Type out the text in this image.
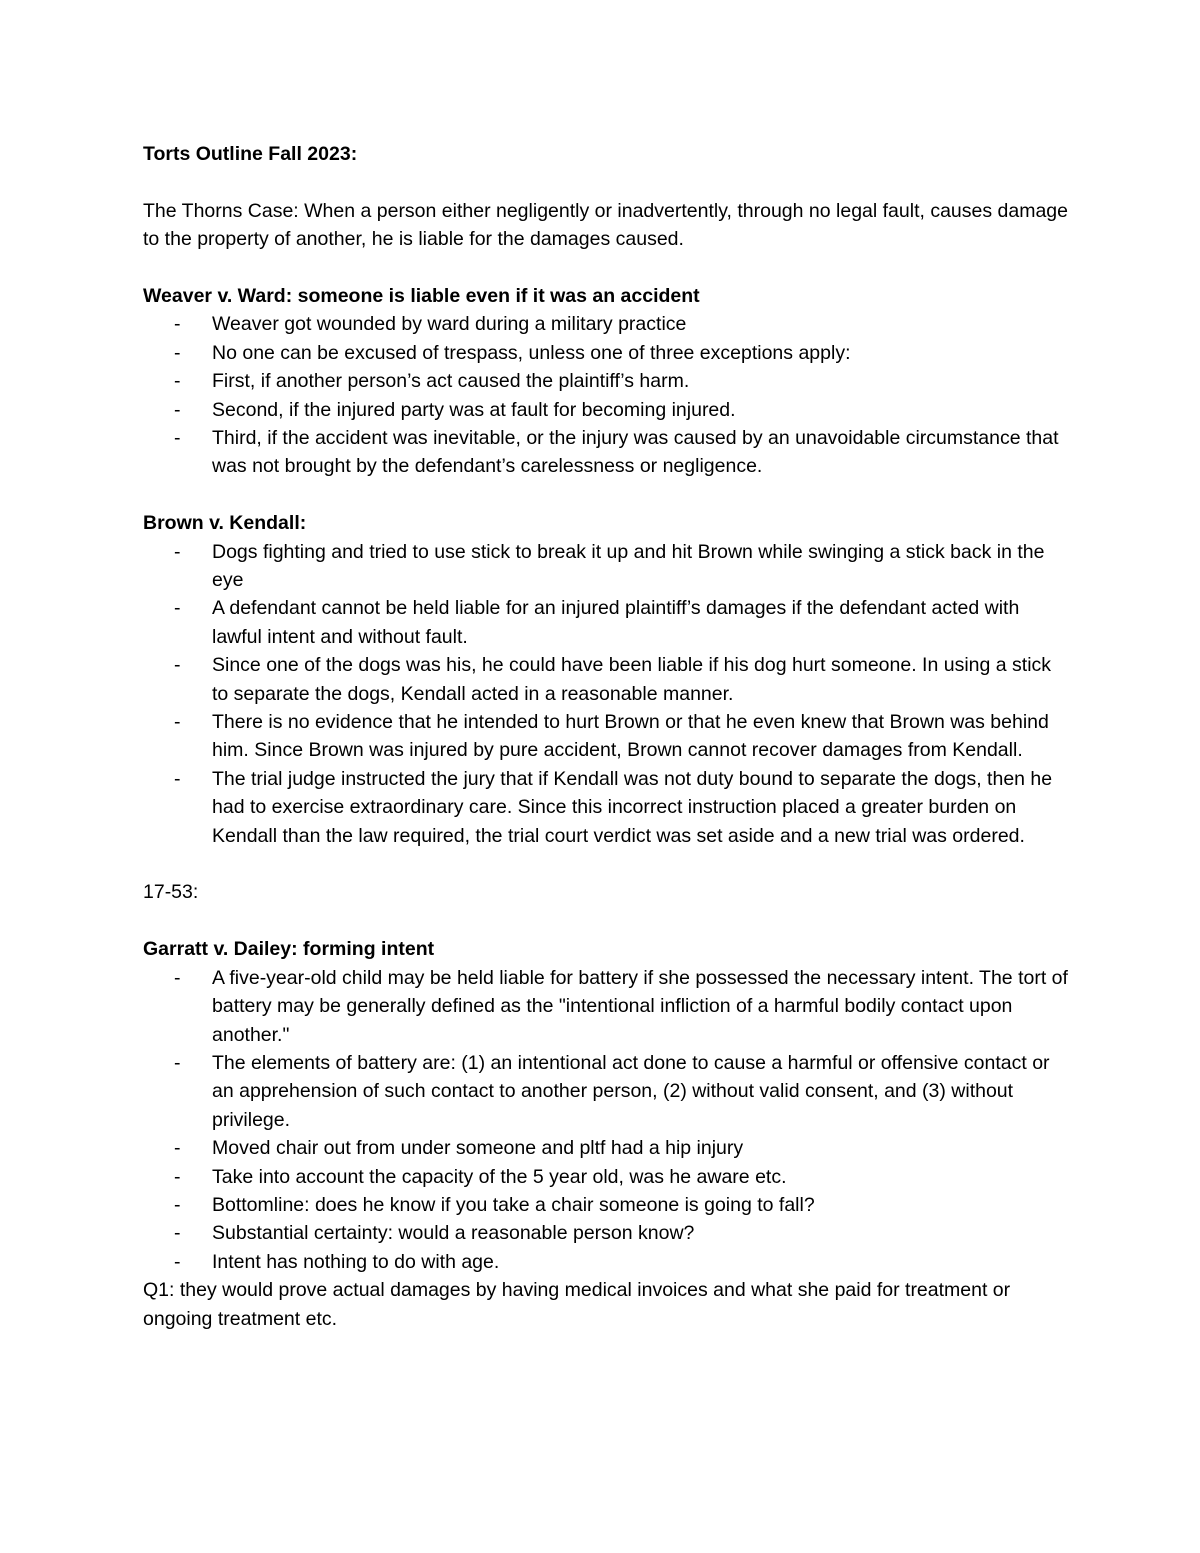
Torts Outline Fall 2023:

The Thorns Case: When a person either negligently or inadvertently, through no legal fault, causes damage to the property of another, he is liable for the damages caused.

Weaver v. Ward: someone is liable even if it was an accident

- Weaver got wounded by ward during a military practice
- No one can be excused of trespass, unless one of three exceptions apply:
- First, if another person’s act caused the plaintiff’s harm.
- Second, if the injured party was at fault for becoming injured.
- Third, if the accident was inevitable, or the injury was caused by an unavoidable circumstance that was not brought by the defendant’s carelessness or negligence.

Brown v. Kendall:

- Dogs fighting and tried to use stick to break it up and hit Brown while swinging a stick back in the eye
- A defendant cannot be held liable for an injured plaintiff’s damages if the defendant acted with lawful intent and without fault.
- Since one of the dogs was his, he could have been liable if his dog hurt someone. In using a stick to separate the dogs, Kendall acted in a reasonable manner.
- There is no evidence that he intended to hurt Brown or that he even knew that Brown was behind him. Since Brown was injured by pure accident, Brown cannot recover damages from Kendall.
- The trial judge instructed the jury that if Kendall was not duty bound to separate the dogs, then he had to exercise extraordinary care. Since this incorrect instruction placed a greater burden on Kendall than the law required, the trial court verdict was set aside and a new trial was ordered.

17-53:

Garratt v. Dailey: forming intent

- A five-year-old child may be held liable for battery if she possessed the necessary intent. The tort of battery may be generally defined as the "intentional infliction of a harmful bodily contact upon another."
- The elements of battery are: (1) an intentional act done to cause a harmful or offensive contact or an apprehension of such contact to another person, (2) without valid consent, and (3) without privilege.
- Moved chair out from under someone and pltf had a hip injury
- Take into account the capacity of the 5 year old, was he aware etc.
- Bottomline: does he know if you take a chair someone is going to fall?
- Substantial certainty: would a reasonable person know?
- Intent has nothing to do with age.

Q1: they would prove actual damages by having medical invoices and what she paid for treatment or ongoing treatment etc.
